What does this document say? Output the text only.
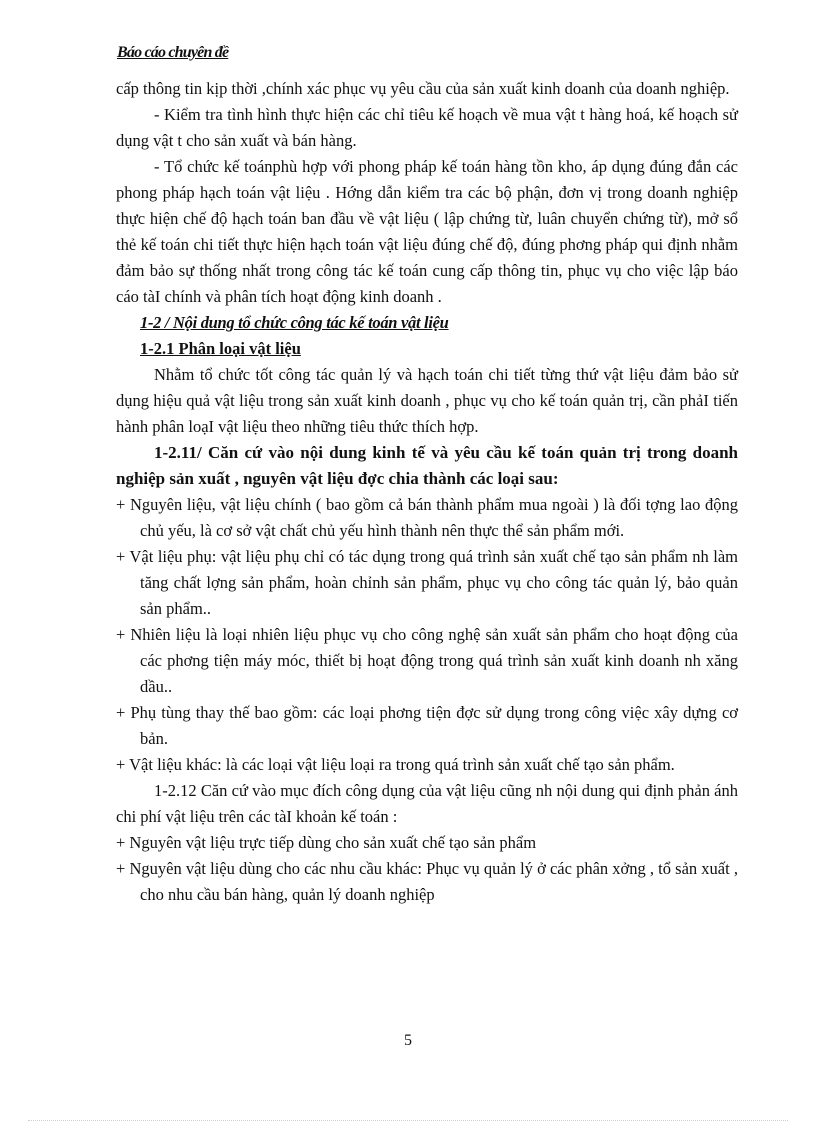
Báo cáo chuyên đề

cấp thông tin kịp thời ,chính xác phục vụ yêu cầu của sản xuất kinh doanh của doanh nghiệp.

- Kiểm tra tình hình thực hiện các chỉ tiêu kế hoạch về mua vật t hàng hoá, kế hoạch sử dụng vật t cho sản xuất và bán hàng.

- Tổ chức kế toánphù hợp với phong pháp kế toán hàng tồn kho, áp dụng đúng đắn các phong pháp hạch toán vật liệu . Hớng dẫn kiểm tra các bộ phận, đơn vị trong doanh nghiệp thực hiện chế độ hạch toán ban đầu về vật liệu ( lập chứng từ, luân chuyển chứng từ), mở sổ thẻ kế toán chi tiết thực hiện hạch toán vật liệu đúng chế độ, đúng phơng pháp qui định nhằm đảm bảo sự thống nhất trong công tác kế toán cung cấp thông tin, phục vụ cho việc lập báo cáo tàI chính và phân tích hoạt động kinh doanh .

1-2 / Nội dung tổ chức công tác kế toán vật liệu

1-2.1 Phân loại vật liệu

Nhằm tổ chức tốt công tác quản lý và hạch toán chi tiết từng thứ vật liệu đảm bảo sử dụng hiệu quả vật liệu trong sản xuất kinh doanh , phục vụ cho kế toán quản trị, cần phảI tiến hành phân loạI vật liệu theo những tiêu thức thích hợp.

1-2.11/ Căn cứ vào nội dung kinh tế và yêu cầu kế toán quản trị trong doanh nghiệp sản xuất , nguyên vật liệu đợc chia thành các loại sau:

+ Nguyên liệu, vật liệu chính ( bao gồm cả bán thành phẩm mua ngoài ) là đối tợng lao động chủ yếu, là cơ sở vật chất chủ yếu hình thành nên thực thể sản phẩm mới.

+ Vật liệu phụ: vật liệu phụ chỉ có tác dụng trong quá trình sản xuất chế tạo sản phẩm nh làm tăng chất lợng sản phẩm, hoàn chỉnh sản phẩm, phục vụ cho công tác quản lý, bảo quản sản phẩm..

+ Nhiên liệu là loại nhiên liệu phục vụ cho công nghệ sản xuất sản phẩm cho hoạt động của các phơng tiện máy móc, thiết bị hoạt động trong quá trình sản xuất kinh doanh nh xăng dầu..

+ Phụ tùng thay thế bao gồm: các loại phơng tiện đợc sử dụng trong công việc xây dựng cơ bản.

+ Vật liệu khác: là các loại vật liệu loại ra trong quá trình sản xuất chế tạo sản phẩm.

1-2.12 Căn cứ vào mục đích công dụng của vật liệu cũng nh nội dung qui định phản ánh chi phí vật liệu trên các tàI khoản kế toán :

+ Nguyên vật liệu trực tiếp dùng cho sản xuất chế tạo sản phẩm

+ Nguyên vật liệu dùng cho các nhu cầu khác: Phục vụ quản lý ở các phân xởng , tổ sản xuất , cho nhu cầu bán hàng, quản lý doanh nghiệp

5
